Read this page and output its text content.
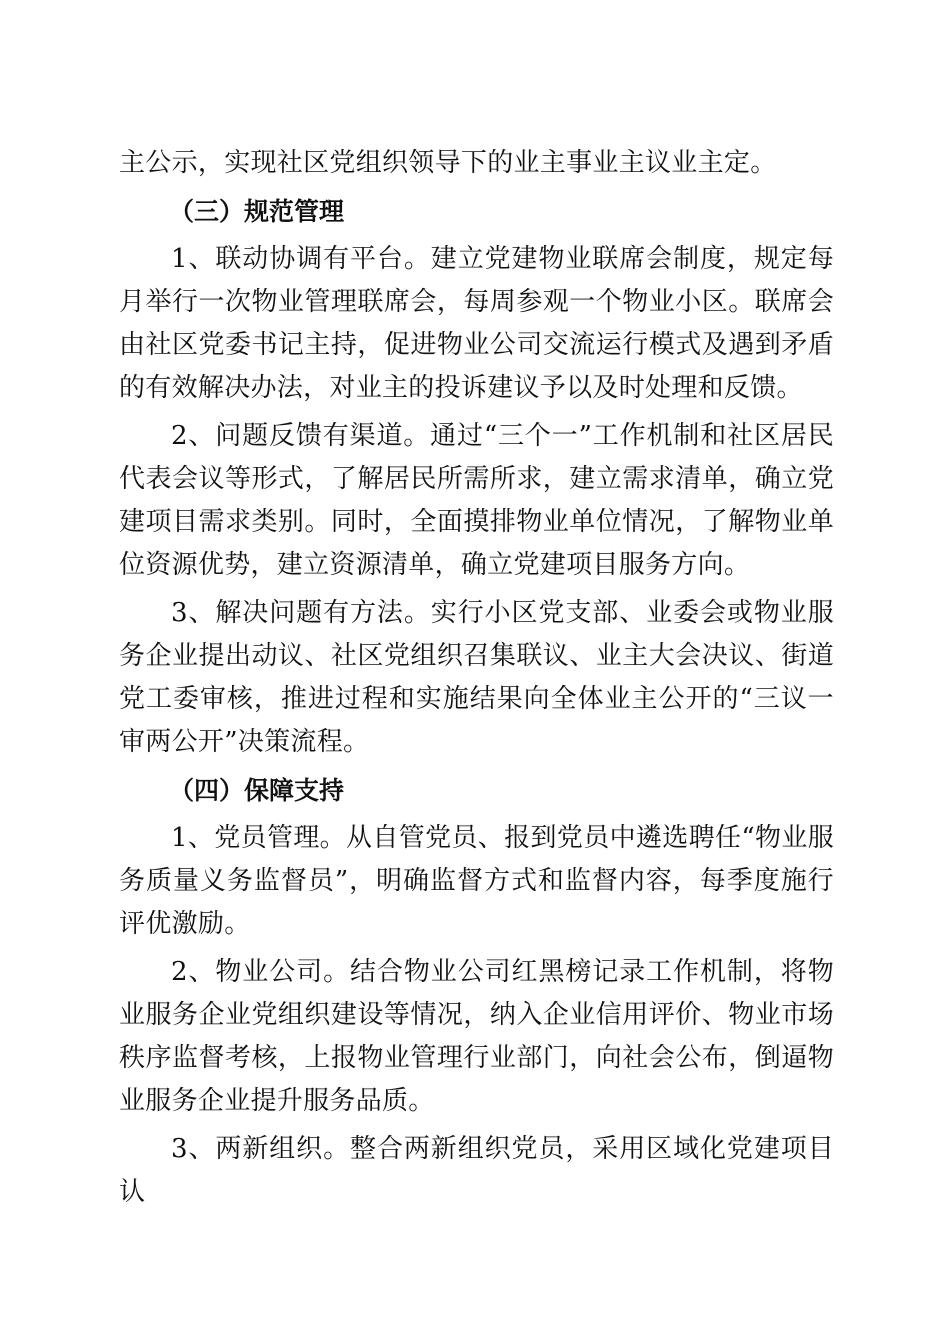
主公示，实现社区党组织领导下的业主事业主议业主定。

（三）规范管理

1、联动协调有平台。建立党建物业联席会制度，规定每月举行一次物业管理联席会，每周参观一个物业小区。联席会由社区党委书记主持，促进物业公司交流运行模式及遇到矛盾的有效解决办法，对业主的投诉建议予以及时处理和反馈。

2、问题反馈有渠道。通过“三个一”工作机制和社区居民代表会议等形式，了解居民所需所求，建立需求清单，确立党建项目需求类别。同时，全面摸排物业单位情况，了解物业单位资源优势，建立资源清单，确立党建项目服务方向。

3、解决问题有方法。实行小区党支部、业委会或物业服务企业提出动议、社区党组织召集联议、业主大会决议、街道党工委审核，推进过程和实施结果向全体业主公开的“三议一审两公开”决策流程。

（四）保障支持

1、党员管理。从自管党员、报到党员中遴选聘任“物业服务质量义务监督员”，明确监督方式和监督内容，每季度施行评优激励。

2、物业公司。结合物业公司红黑榜记录工作机制，将物业服务企业党组织建设等情况，纳入企业信用评价、物业市场秩序监督考核，上报物业管理行业部门，向社会公布，倒逼物业服务企业提升服务品质。

3、两新组织。整合两新组织党员，采用区域化党建项目认
